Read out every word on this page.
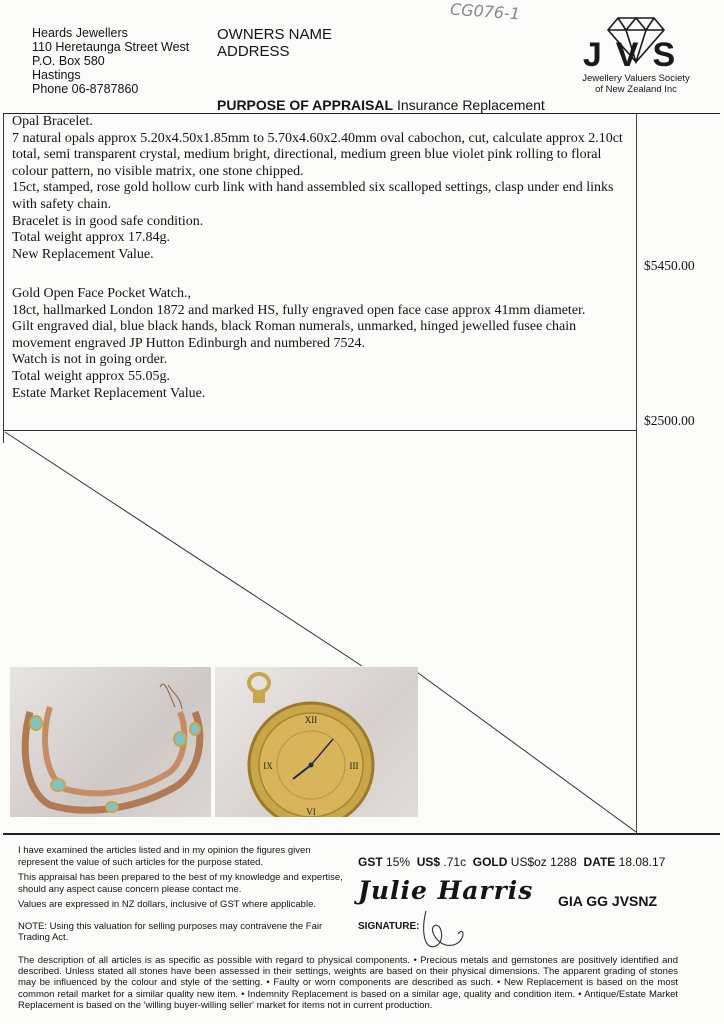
Heards Jewellers
110 Heretaunga Street West
P.O. Box 580
Hastings
Phone 06-8787860
OWNERS NAME
ADDRESS
CG076-1
JVS
Jewellery Valuers Society
of New Zealand Inc
PURPOSE OF APPRAISAL Insurance Replacement

Opal Bracelet.

7 natural opals approx 5.20x4.50x1.85mm to 5.70x4.60x2.40mm oval cabochon, cut, calculate approx 2.10ct total, semi transparent crystal, medium bright, directional, medium green blue violet pink rolling to floral colour pattern, no visible matrix, one stone chipped.

15ct, stamped, rose gold hollow curb link with hand assembled six scalloped settings, clasp under end links with safety chain.

Bracelet is in good safe condition.

Total weight approx 17.84g.

New Replacement Value.

$5450.00

Gold Open Face Pocket Watch.,

18ct, hallmarked London 1872 and marked HS, fully engraved open face case approx 41mm diameter.

Gilt engraved dial, blue black hands, black Roman numerals, unmarked, hinged jewelled fusee chain movement engraved JP Hutton Edinburgh and numbered 7524.

Watch is not in going order.

Total weight approx 55.05g.

Estate Market Replacement Value.

$2500.00
XII
III
VI
IX

I have examined the articles listed and in my opinion the figures given represent the value of such articles for the purpose stated.

This appraisal has been prepared to the best of my knowledge and expertise, should any aspect cause concern please contact me.

Values are expressed in NZ dollars, inclusive of GST where applicable.

NOTE: Using this valuation for selling purposes may contravene the Fair Trading Act.

GST 15% US$ .71c GOLD US$oz 1288 DATE 18.08.17
Julie Harris GIA GG JVSNZ
SIGNATURE:
The description of all articles is as specific as possible with regard to physical components. • Precious metals and gemstones are positively identified and described. Unless stated all stones have been assessed in their settings, weights are based on their physical dimensions. The apparent grading of stones may be influenced by the colour and style of the setting. • Faulty or worn components are described as such. • New Replacement is based on the most common retail market for a similar quality new item. • Indemnity Replacement is based on a similar age, quality and condition item. • Antique/Estate Market Replacement is based on the 'willing buyer-willing seller' market for items not in current production.
